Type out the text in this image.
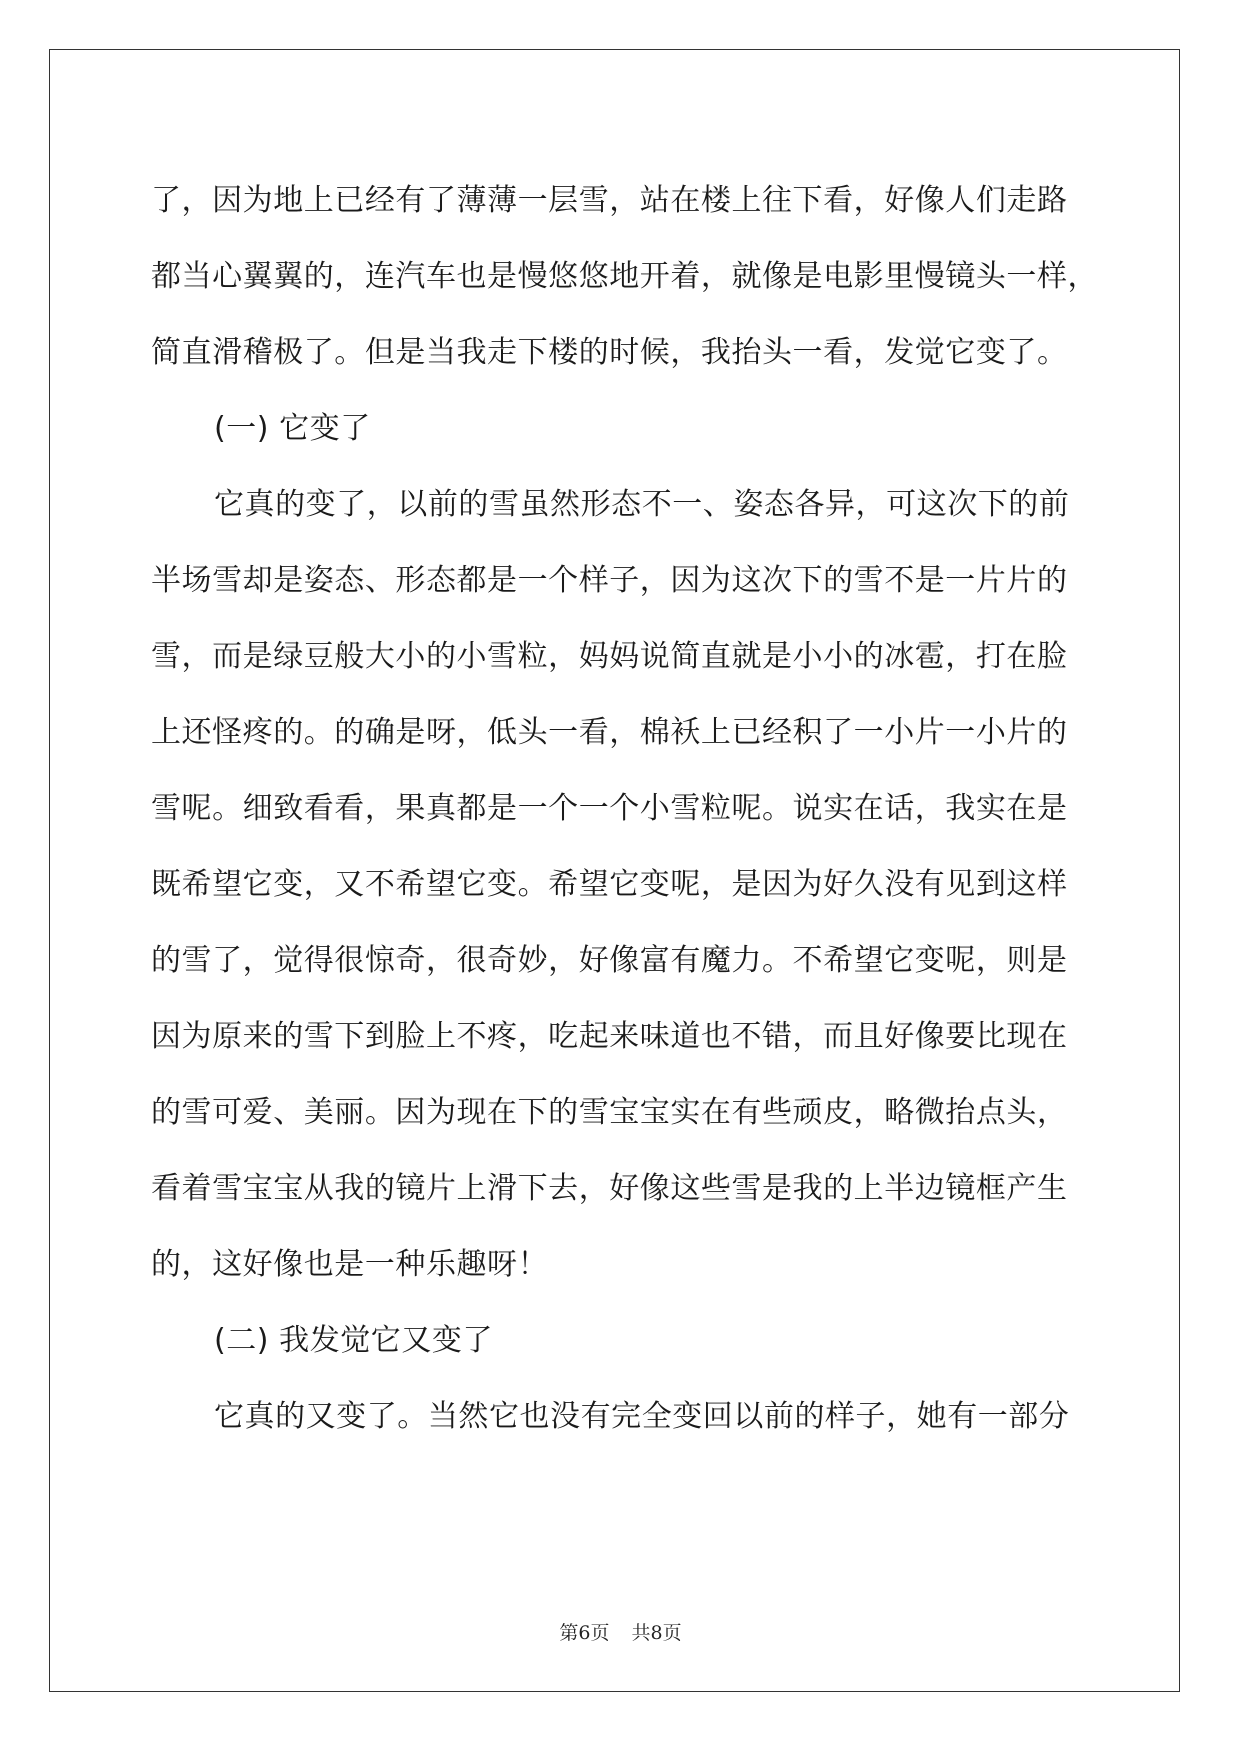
了，因为地上已经有了薄薄一层雪，站在楼上往下看，好像人们走路

都当心翼翼的，连汽车也是慢悠悠地开着，就像是电影里慢镜头一样，

简直滑稽极了。但是当我走下楼的时候，我抬头一看，发觉它变了。

(一) 它变了

它真的变了，以前的雪虽然形态不一、姿态各异，可这次下的前

半场雪却是姿态、形态都是一个样子，因为这次下的雪不是一片片的

雪，而是绿豆般大小的小雪粒，妈妈说简直就是小小的冰雹，打在脸

上还怪疼的。的确是呀，低头一看，棉袄上已经积了一小片一小片的

雪呢。细致看看，果真都是一个一个小雪粒呢。说实在话，我实在是

既希望它变，又不希望它变。希望它变呢，是因为好久没有见到这样

的雪了，觉得很惊奇，很奇妙，好像富有魔力。不希望它变呢，则是

因为原来的雪下到脸上不疼，吃起来味道也不错，而且好像要比现在

的雪可爱、美丽。因为现在下的雪宝宝实在有些顽皮，略微抬点头，

看着雪宝宝从我的镜片上滑下去，好像这些雪是我的上半边镜框产生

的，这好像也是一种乐趣呀！

(二) 我发觉它又变了

它真的又变了。当然它也没有完全变回以前的样子，她有一部分

第6页 共8页
